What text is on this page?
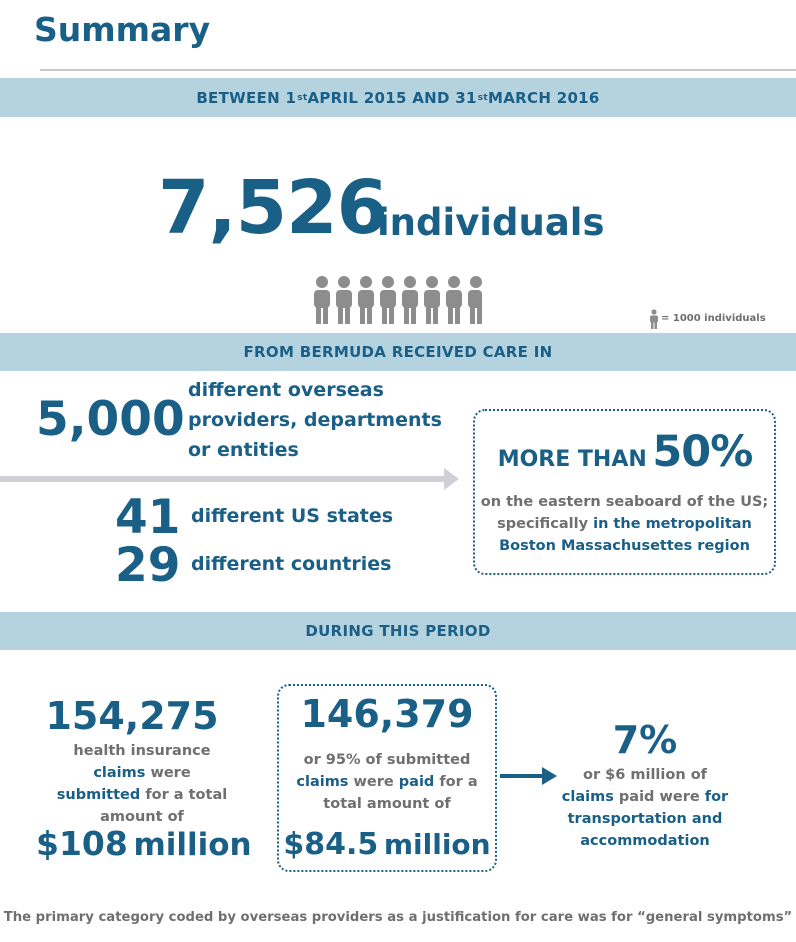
Summary
BETWEEN 1 st APRIL 2015 AND 31 st MARCH 2016
7,526
individuals
= 1000 individuals
FROM BERMUDA RECEIVED CARE IN
5,000
different overseas
providers, departments
or entities
41 different US states
29 different countries
MORE THAN 50%
on the eastern seaboard of the US;
specifically in the metropolitan
Boston Massachusettes region
DURING THIS PERIOD
154,275
health insurance
claims were
submitted for a total
amount of
$108 million
146,379
or 95% of submitted
claims were paid for a
total amount of
$84.5 million
7%
or $6 million of
claims paid were for
transportation and
accommodation
The primary category coded by overseas providers as a justification for care was for “general symptoms”
